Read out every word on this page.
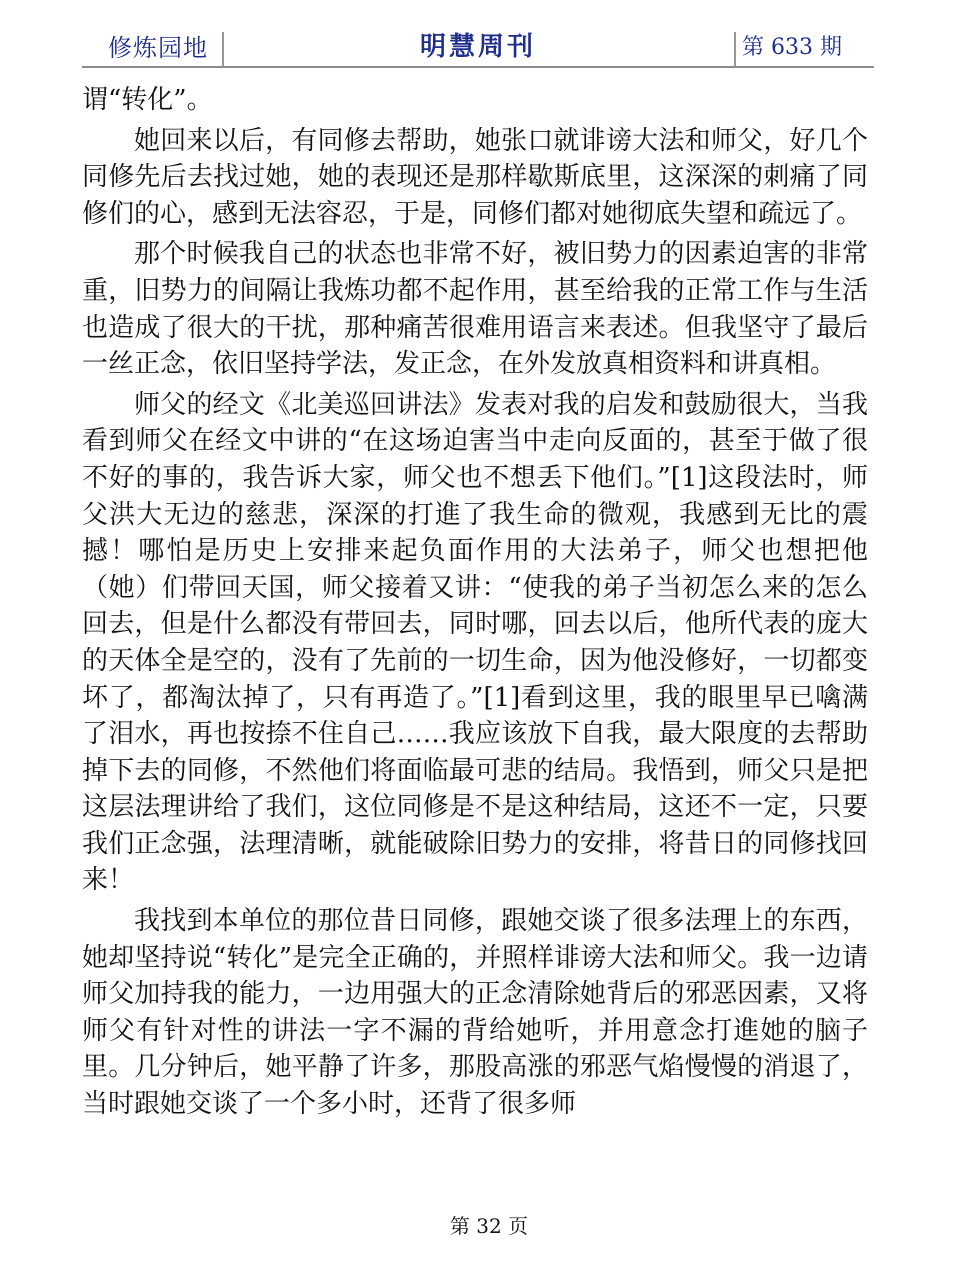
修炼园地	明慧周刊	第 633 期

谓“转化”。

她回来以后，有同修去帮助，她张口就诽谤大法和师父，好几个同修先后去找过她，她的表现还是那样歇斯底里，这深深的刺痛了同修们的心，感到无法容忍，于是，同修们都对她彻底失望和疏远了。

那个时候我自己的状态也非常不好，被旧势力的因素迫害的非常重，旧势力的间隔让我炼功都不起作用，甚至给我的正常工作与生活也造成了很大的干扰，那种痛苦很难用语言来表述。但我坚守了最后一丝正念，依旧坚持学法，发正念，在外发放真相资料和讲真相。

师父的经文《北美巡回讲法》发表对我的启发和鼓励很大，当我看到师父在经文中讲的“在这场迫害当中走向反面的，甚至于做了很不好的事的，我告诉大家，师父也不想丢下他们。”[1]这段法时，师父洪大无边的慈悲，深深的打進了我生命的微观，我感到无比的震撼！哪怕是历史上安排来起负面作用的大法弟子，师父也想把他（她）们带回天国，师父接着又讲：“使我的弟子当初怎么来的怎么回去，但是什么都没有带回去，同时哪，回去以后，他所代表的庞大的天体全是空的，没有了先前的一切生命，因为他没修好，一切都变坏了，都淘汰掉了，只有再造了。”[1]看到这里，我的眼里早已噙满了泪水，再也按捺不住自己……我应该放下自我，最大限度的去帮助掉下去的同修，不然他们将面临最可悲的结局。我悟到，师父只是把这层法理讲给了我们，这位同修是不是这种结局，这还不一定，只要我们正念强，法理清晰，就能破除旧势力的安排，将昔日的同修找回来！

我找到本单位的那位昔日同修，跟她交谈了很多法理上的东西，她却坚持说“转化”是完全正确的，并照样诽谤大法和师父。我一边请师父加持我的能力，一边用强大的正念清除她背后的邪恶因素，又将师父有针对性的讲法一字不漏的背给她听，并用意念打進她的脑子里。几分钟后，她平静了许多，那股高涨的邪恶气焰慢慢的消退了，当时跟她交谈了一个多小时，还背了很多师

第 32 页
